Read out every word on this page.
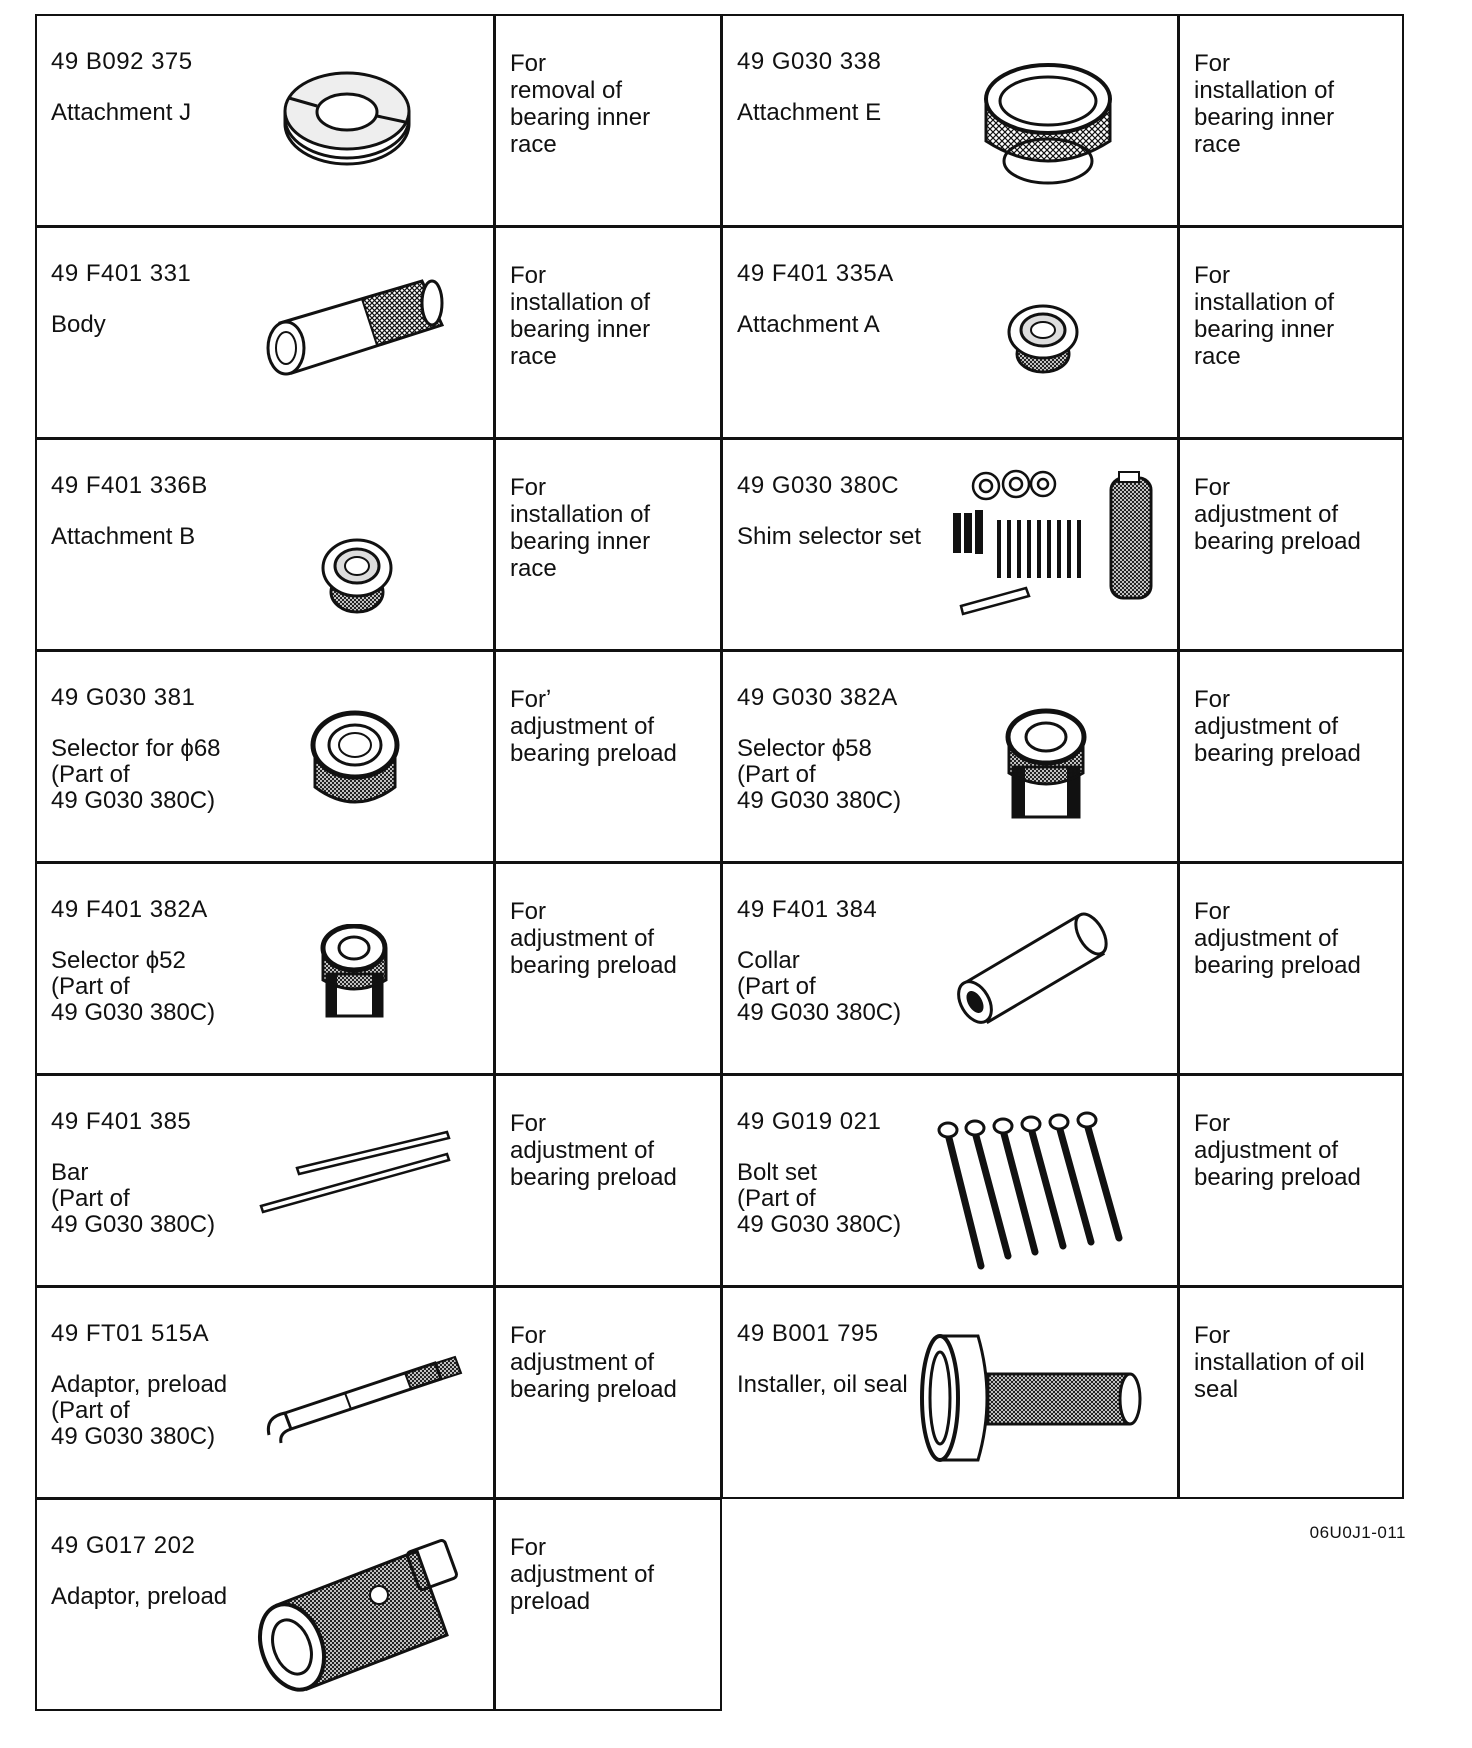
49 B092 375
Attachment J
For
removal of
bearing inner
race
49 G030 338
Attachment E
For
installation of
bearing inner
race
49 F401 331
Body
For
installation of
bearing inner
race
49 F401 335A
Attachment A
For
installation of
bearing inner
race
49 F401 336B
Attachment B
For
installation of
bearing inner
race
49 G030 380C
Shim selector set
For
adjustment of
bearing preload
49 G030 381
Selector for ϕ68
(Part of
49 G030 380C)
Forʼ
adjustment of
bearing preload
49 G030 382A
Selector ϕ58
(Part of
49 G030 380C)
For
adjustment of
bearing preload
49 F401 382A
Selector ϕ52
(Part of
49 G030 380C)
For
adjustment of
bearing preload
49 F401 384
Collar
(Part of
49 G030 380C)
For
adjustment of
bearing preload
49 F401 385
Bar
(Part of
49 G030 380C)
For
adjustment of
bearing preload
49 G019 021
Bolt set
(Part of
49 G030 380C)
For
adjustment of
bearing preload
49 FT01 515A
Adaptor, preload
(Part of
49 G030 380C)
For
adjustment of
bearing preload
49 B001 795
Installer, oil seal
For
installation of oil
seal
49 G017 202
Adaptor, preload
For
adjustment of
preload
06U0J1-011
